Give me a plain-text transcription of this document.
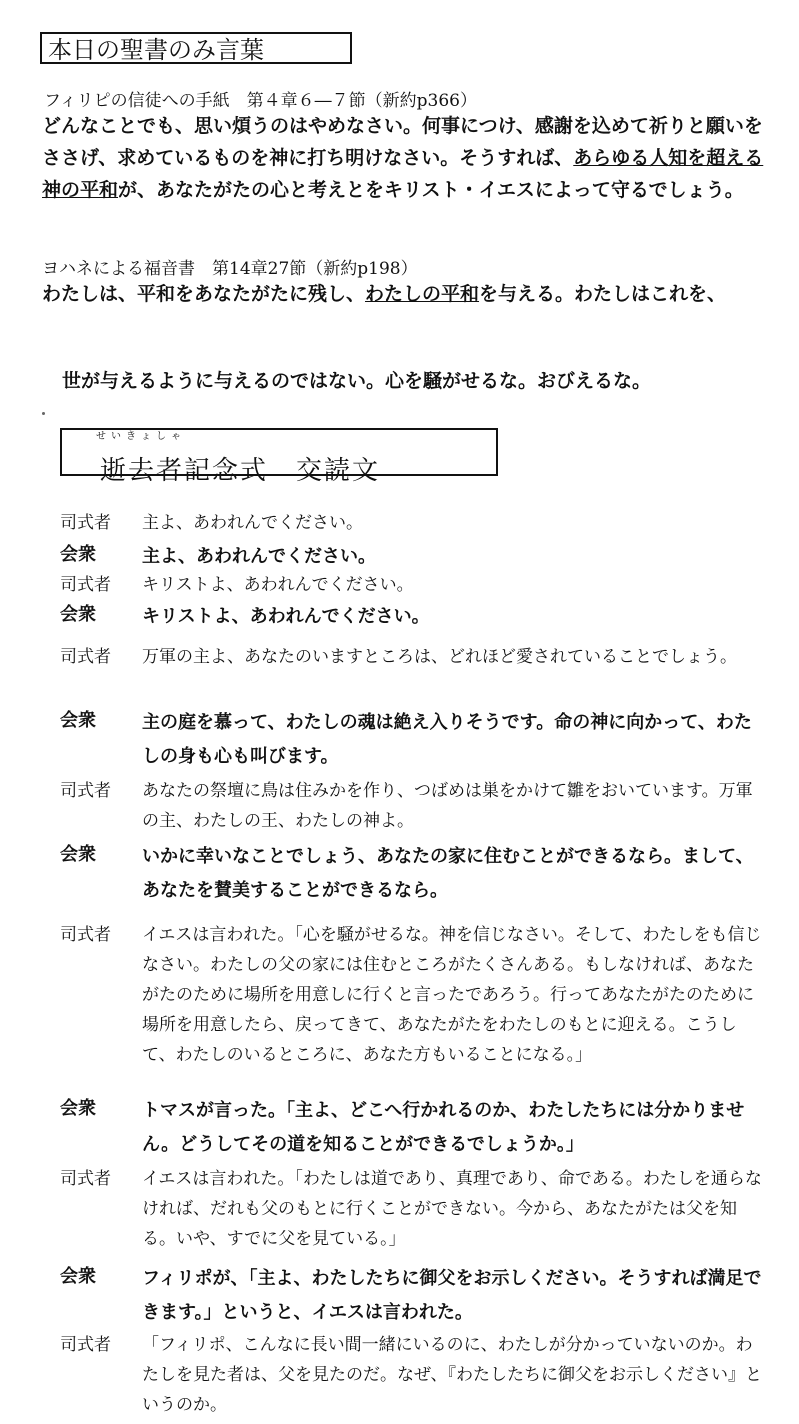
本日の聖書のみ言葉
フィリピの信徒への手紙　第４章６―７節（新約p366）
どんなことでも、思い煩うのはやめなさい。何事につけ、感謝を込めて祈りと願いをささげ、求めているものを神に打ち明けなさい。そうすれば、あらゆる人知を超える神の平和が、あなたがたの心と考えとをキリスト・イエスによって守るでしょう。
ヨハネによる福音書　第14章27節（新約p198）
わたしは、平和をあなたがたに残し、わたしの平和を与える。わたしはこれを、
世が与えるように与えるのではない。心を騒がせるな。おびえるな。
せいきょしゃ
逝去者記念式　交読文
司式者	主よ、あわれんでください。
会衆	主よ、あわれんでください。
司式者	キリストよ、あわれんでください。
会衆	キリストよ、あわれんでください。
司式者	万軍の主よ、あなたのいますところは、どれほど愛されていることでしょう。
会衆	主の庭を慕って、わたしの魂は絶え入りそうです。命の神に向かって、わたしの身も心も叫びます。
司式者	あなたの祭壇に鳥は住みかを作り、つばめは巣をかけて雛をおいています。万軍の主、わたしの王、わたしの神よ。
会衆	いかに幸いなことでしょう、あなたの家に住むことができるなら。まして、あなたを賛美することができるなら。
司式者	イエスは言われた。「心を騒がせるな。神を信じなさい。そして、わたしをも信じなさい。わたしの父の家には住むところがたくさんある。もしなければ、あなたがたのために場所を用意しに行くと言ったであろう。行ってあなたがたのために場所を用意したら、戻ってきて、あなたがたをわたしのもとに迎える。こうして、わたしのいるところに、あなた方もいることになる。」
会衆	トマスが言った。「主よ、どこへ行かれるのか、わたしたちには分かりません。どうしてその道を知ることができるでしょうか。」
司式者	イエスは言われた。「わたしは道であり、真理であり、命である。わたしを通らなければ、だれも父のもとに行くことができない。今から、あなたがたは父を知る。いや、すでに父を見ている。」
会衆	フィリポが、「主よ、わたしたちに御父をお示しください。そうすれば満足できます。」というと、イエスは言われた。
司式者	「フィリポ、こんなに長い間一緒にいるのに、わたしが分かっていないのか。わたしを見た者は、父を見たのだ。なぜ、『わたしたちに御父をお示しください』というのか。
